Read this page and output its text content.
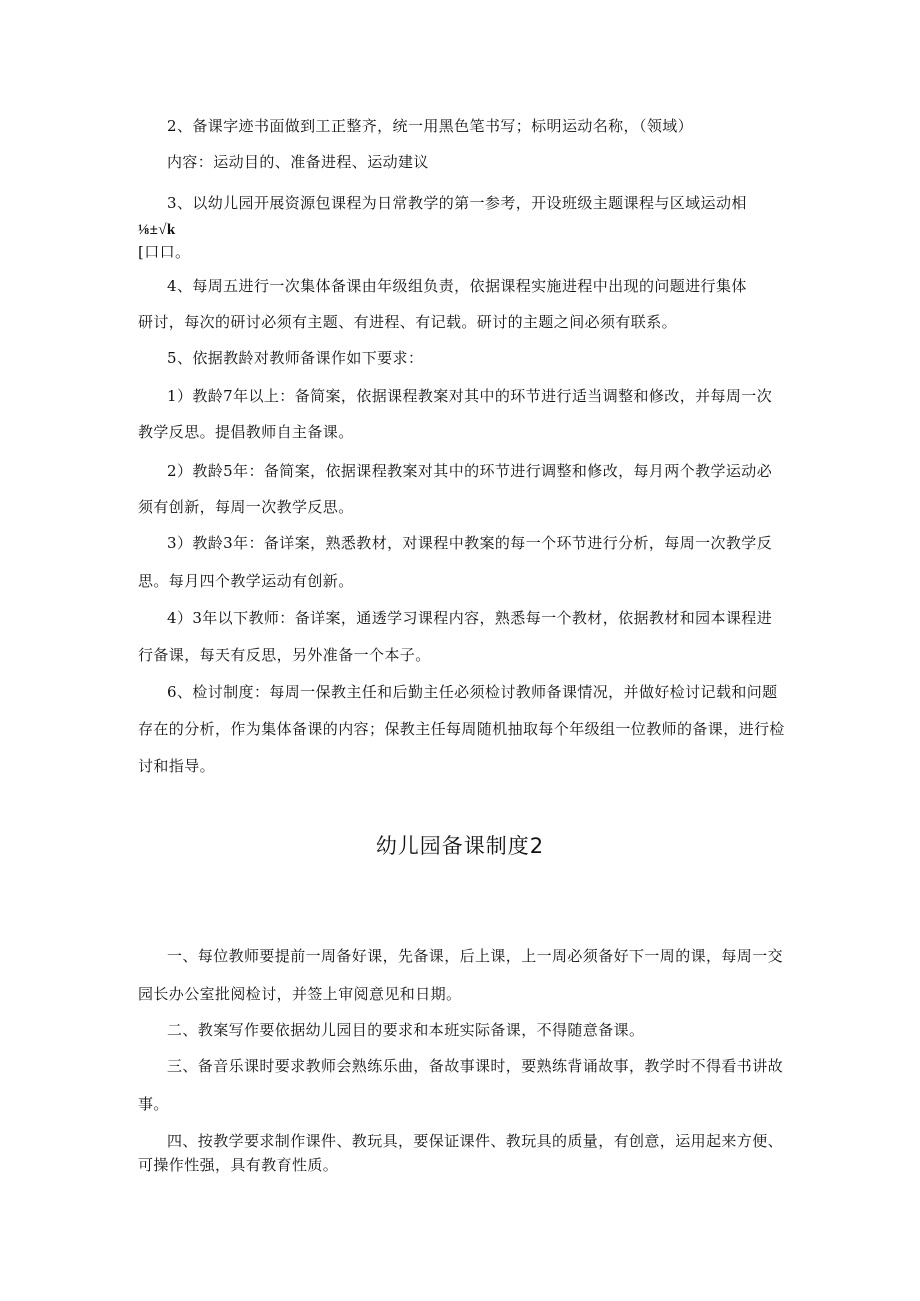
2、备课字迹书面做到工正整齐，统一用黑色笔书写；标明运动名称，（领域）
内容：运动目的、准备进程、运动建议
3、以幼儿园开展资源包课程为日常教学的第一参考，开设班级主题课程与区域运动相
⅛±√k
[口口。
4、每周五进行一次集体备课由年级组负责，依据课程实施进程中出现的问题进行集体
研讨，每次的研讨必须有主题、有进程、有记载。研讨的主题之间必须有联系。
5、依据教龄对教师备课作如下要求：
1）教龄7年以上：备简案，依据课程教案对其中的环节进行适当调整和修改，并每周一次
教学反思。提倡教师自主备课。
2）教龄5年：备简案，依据课程教案对其中的环节进行调整和修改，每月两个教学运动必
须有创新，每周一次教学反思。
3）教龄3年：备详案，熟悉教材，对课程中教案的每一个环节进行分析，每周一次教学反
思。每月四个教学运动有创新。
4）3年以下教师：备详案，通透学习课程内容，熟悉每一个教材，依据教材和园本课程进
行备课，每天有反思，另外准备一个本子。
6、检讨制度：每周一保教主任和后勤主任必须检讨教师备课情况，并做好检讨记载和问题
存在的分析，作为集体备课的内容；保教主任每周随机抽取每个年级组一位教师的备课，进行检
讨和指导。
幼儿园备课制度2
一、每位教师要提前一周备好课，先备课，后上课，上一周必须备好下一周的课，每周一交
园长办公室批阅检讨，并签上审阅意见和日期。
二、教案写作要依据幼儿园目的要求和本班实际备课，不得随意备课。
三、备音乐课时要求教师会熟练乐曲，备故事课时，要熟练背诵故事，教学时不得看书讲故
事。
四、按教学要求制作课件、教玩具，要保证课件、教玩具的质量，有创意，运用起来方便、
可操作性强，具有教育性质。
